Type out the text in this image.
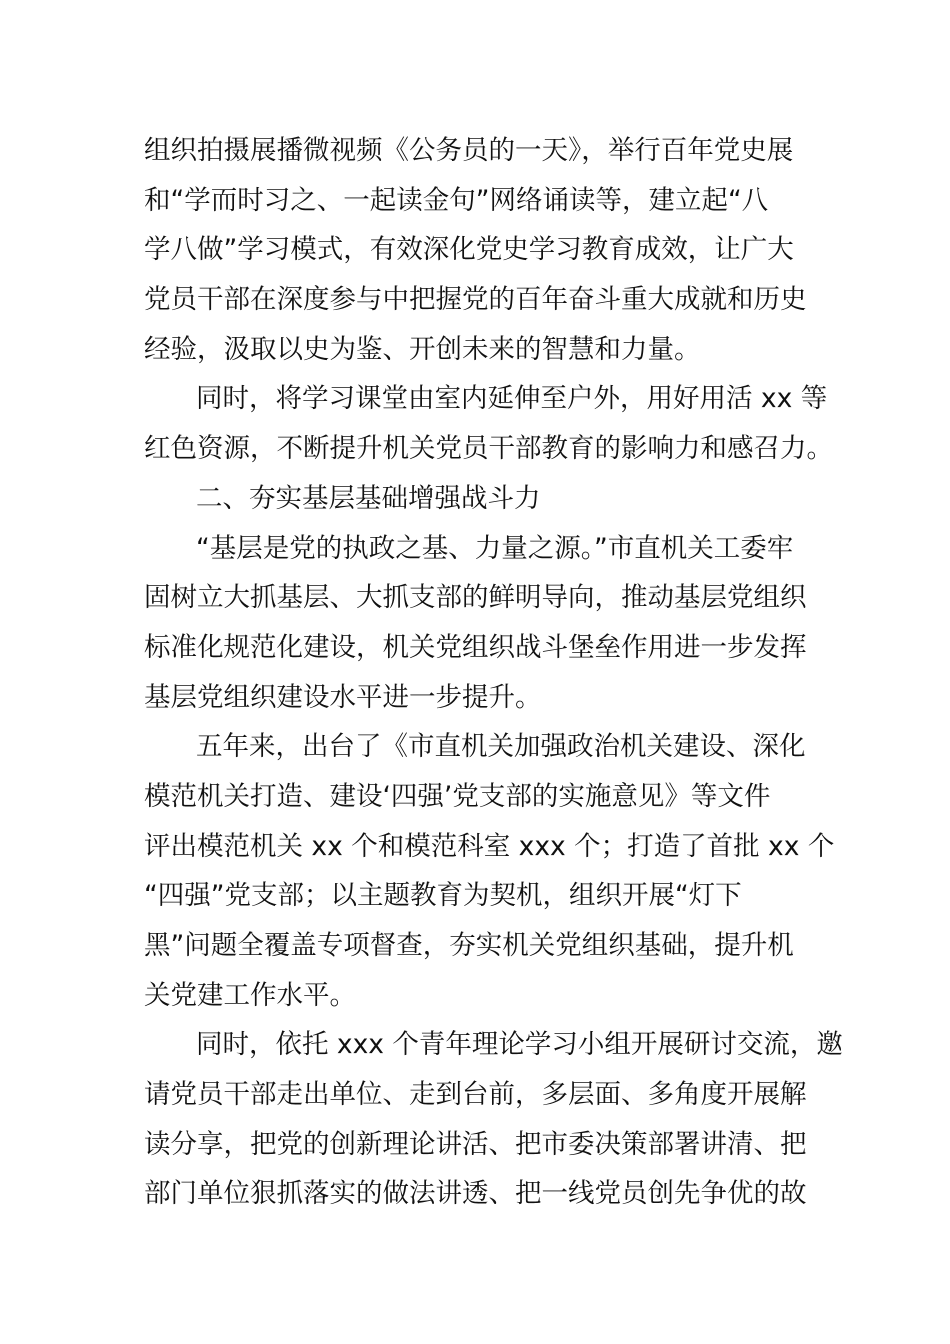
组织拍摄展播微视频《公务员的一天》，举行百年党史展
和“学而时习之、一起读金句”网络诵读等，建立起“八
学八做”学习模式，有效深化党史学习教育成效，让广大
党员干部在深度参与中把握党的百年奋斗重大成就和历史
经验，汲取以史为鉴、开创未来的智慧和力量。
同时，将学习课堂由室内延伸至户外，用好用活 xx 等
红色资源，不断提升机关党员干部教育的影响力和感召力。
二、夯实基层基础增强战斗力
“基层是党的执政之基、力量之源。”市直机关工委牢
固树立大抓基层、大抓支部的鲜明导向，推动基层党组织
标准化规范化建设，机关党组织战斗堡垒作用进一步发挥
基层党组织建设水平进一步提升。
五年来，出台了《市直机关加强政治机关建设、深化
模范机关打造、建设‘四强’党支部的实施意见》等文件
评出模范机关 xx 个和模范科室 xxx 个；打造了首批 xx 个
“四强”党支部；以主题教育为契机，组织开展“灯下
黑”问题全覆盖专项督查，夯实机关党组织基础，提升机
关党建工作水平。
同时，依托 xxx 个青年理论学习小组开展研讨交流，邀
请党员干部走出单位、走到台前，多层面、多角度开展解
读分享，把党的创新理论讲活、把市委决策部署讲清、把
部门单位狠抓落实的做法讲透、把一线党员创先争优的故
